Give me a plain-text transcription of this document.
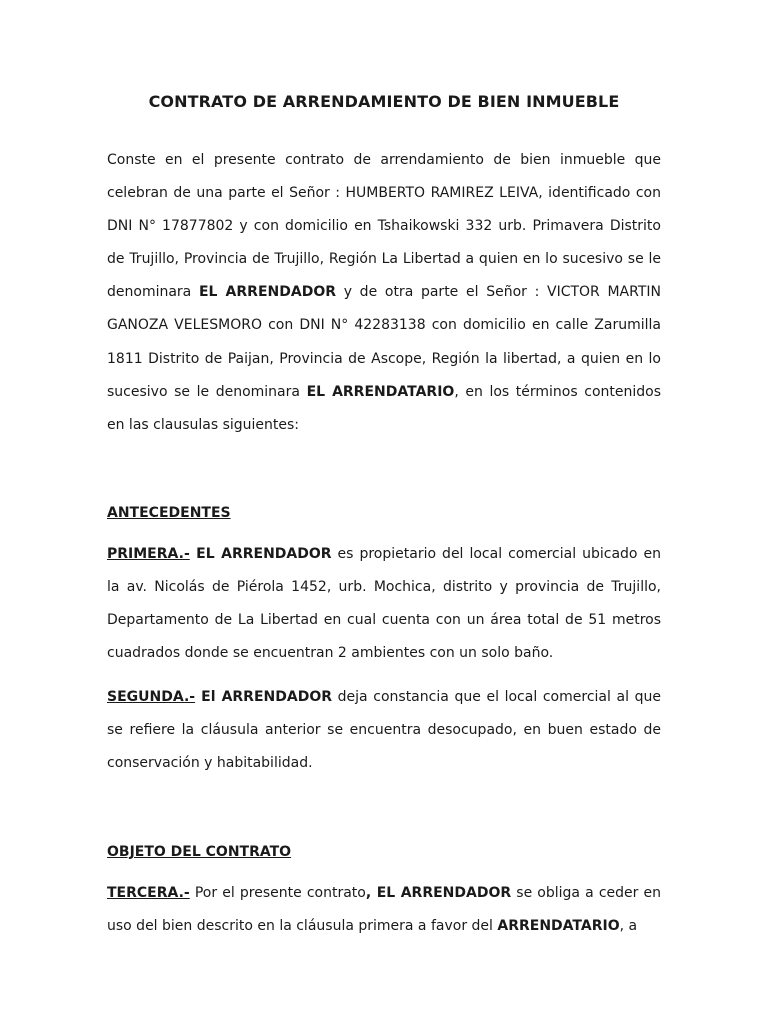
CONTRATO DE ARRENDAMIENTO DE BIEN INMUEBLE

Conste en el presente contrato de arrendamiento de bien inmueble que celebran de una parte el Señor : HUMBERTO RAMIREZ LEIVA, identificado con DNI N° 17877802 y con domicilio en Tshaikowski 332 urb. Primavera Distrito de Trujillo, Provincia de Trujillo, Región La Libertad a quien en lo sucesivo se le denominara EL ARRENDADOR y de otra parte el Señor : VICTOR MARTIN GANOZA VELESMORO con DNI N° 42283138 con domicilio en calle Zarumilla 1811 Distrito de Paijan, Provincia de Ascope, Región la libertad, a quien en lo sucesivo se le denominara EL ARRENDATARIO, en los términos contenidos en las clausulas siguientes:

ANTECEDENTES

PRIMERA.- EL ARRENDADOR es propietario del local comercial ubicado en la av. Nicolás de Piérola 1452, urb. Mochica, distrito y provincia de Trujillo, Departamento de La Libertad en cual cuenta con un área total de 51 metros cuadrados donde se encuentran 2 ambientes con un solo baño.

SEGUNDA.- El ARRENDADOR deja constancia que el local comercial al que se refiere la cláusula anterior se encuentra desocupado, en buen estado de conservación y habitabilidad.

OBJETO DEL CONTRATO

TERCERA.- Por el presente contrato, EL ARRENDADOR se obliga a ceder en uso del bien descrito en la cláusula primera a favor del ARRENDATARIO, a
